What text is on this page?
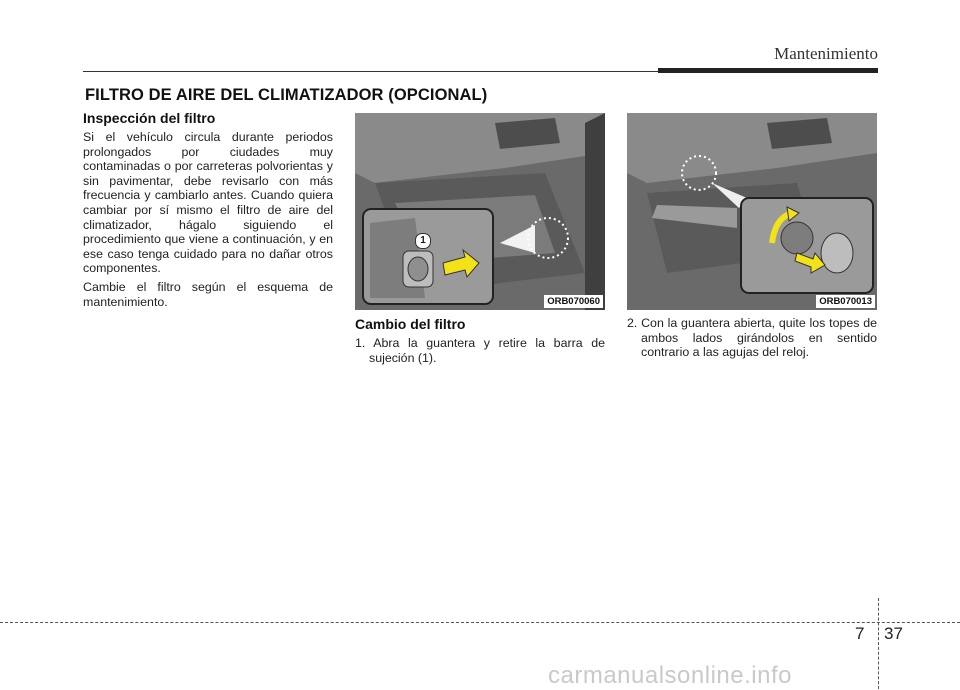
Mantenimiento
FILTRO DE AIRE DEL CLIMATIZADOR (OPCIONAL)
Inspección del filtro

Si el vehículo circula durante periodos prolongados por ciudades muy contaminadas o por carreteras polvorientas y sin pavimentar, debe revisarlo con más frecuencia y cambiarlo antes. Cuando quiera cambiar por sí mismo el filtro de aire del climatizador, hágalo siguiendo el procedimiento que viene a continuación, y en ese caso tenga cuidado para no dañar otros componentes.

Cambie el filtro según el esquema de mantenimiento.

1
ORB070060	ORB070013
Cambio del filtro

1. Abra la guantera y retire la barra de sujeción (1).

2. Con la guantera abierta, quite los topes de ambos lados girándolos en sentido contrario a las agujas del reloj.

7 37
carmanualsonline.info
